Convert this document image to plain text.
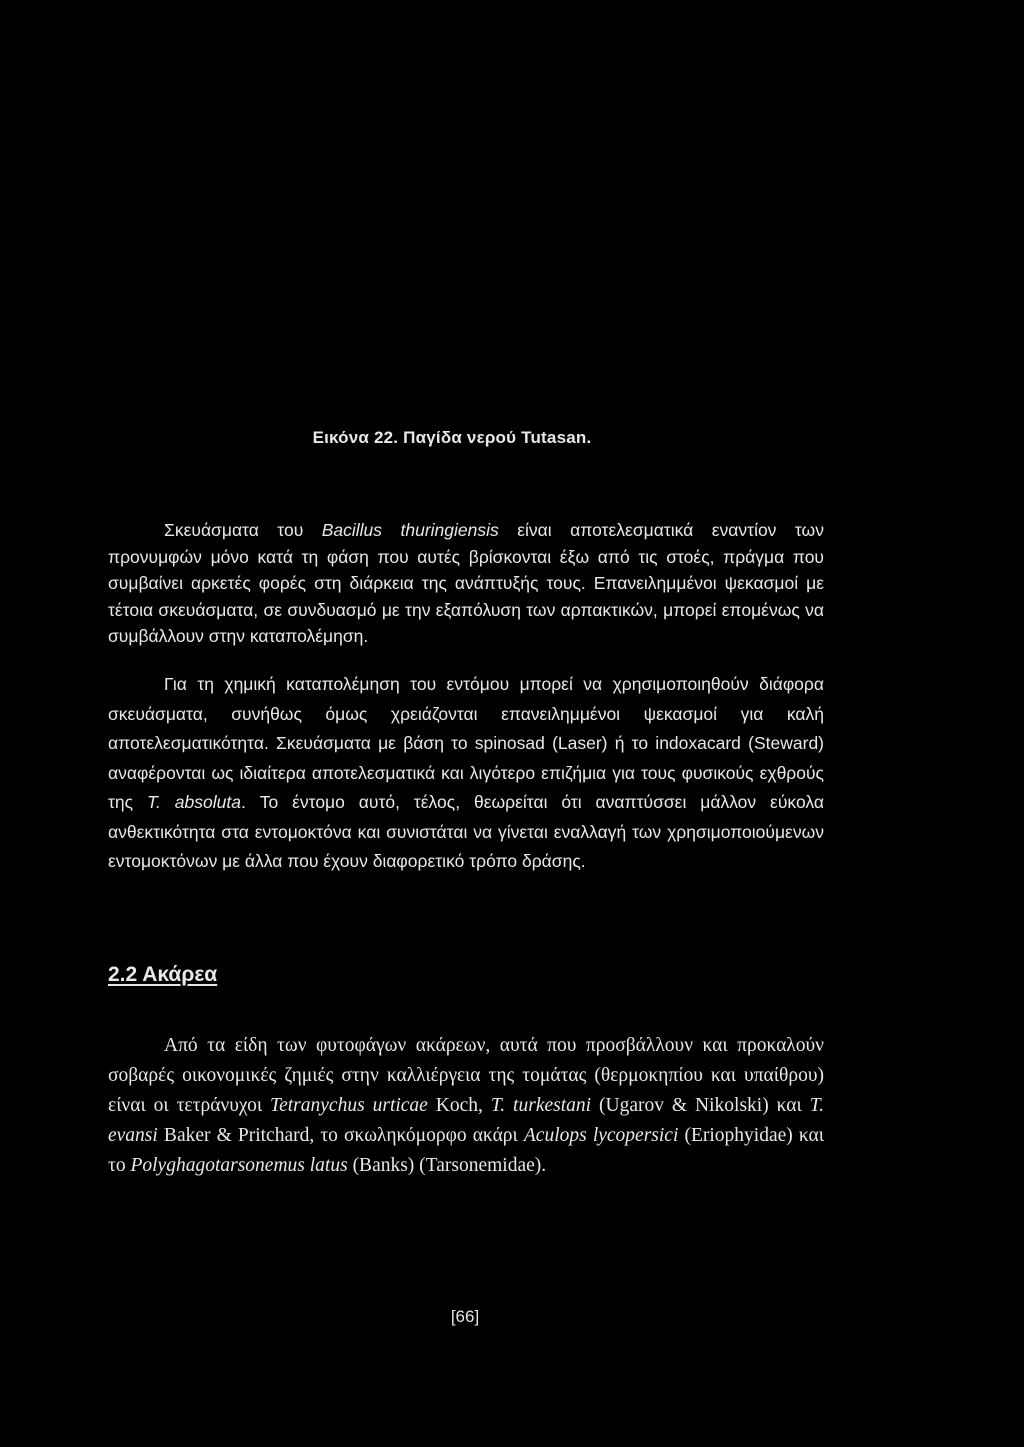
Εικόνα 22. Παγίδα νερού Tutasan.

Σκευάσματα του Bacillus thuringiensis είναι αποτελεσματικά εναντίον των προνυμφών μόνο κατά τη φάση που αυτές βρίσκονται έξω από τις στοές, πράγμα που συμβαίνει αρκετές φορές στη διάρκεια της ανάπτυξής τους. Επανειλημμένοι ψεκασμοί με τέτοια σκευάσματα, σε συνδυασμό με την εξαπόλυση των αρπακτικών, μπορεί επομένως να συμβάλλουν στην καταπολέμηση.

Για τη χημική καταπολέμηση του εντόμου μπορεί να χρησιμοποιηθούν διάφορα σκευάσματα, συνήθως όμως χρειάζονται επανειλημμένοι ψεκασμοί για καλή αποτελεσματικότητα. Σκευάσματα με βάση το spinosad (Laser) ή το indoxacard (Steward) αναφέρονται ως ιδιαίτερα αποτελεσματικά και λιγότερο επιζήμια για τους φυσικούς εχθρούς της T. absoluta. Το έντομο αυτό, τέλος, θεωρείται ότι αναπτύσσει μάλλον εύκολα ανθεκτικότητα στα εντομοκτόνα και συνιστάται να γίνεται εναλλαγή των χρησιμοποιούμενων εντομοκτόνων με άλλα που έχουν διαφορετικό τρόπο δράσης.

2.2 Ακάρεα

Από τα είδη των φυτοφάγων ακάρεων, αυτά που προσβάλλουν και προκαλούν σοβαρές οικονομικές ζημιές στην καλλιέργεια της τομάτας (θερμοκηπίου και υπαίθρου) είναι οι τετράνυχοι Tetranychus urticae Koch, T. turkestani (Ugarov & Nikolski) και T. evansi Baker & Pritchard, το σκωληκόμορφο ακάρι Aculops lycopersici (Eriophyidae) και το Polyghagotarsonemus latus (Banks) (Tarsonemidae).

[66]
